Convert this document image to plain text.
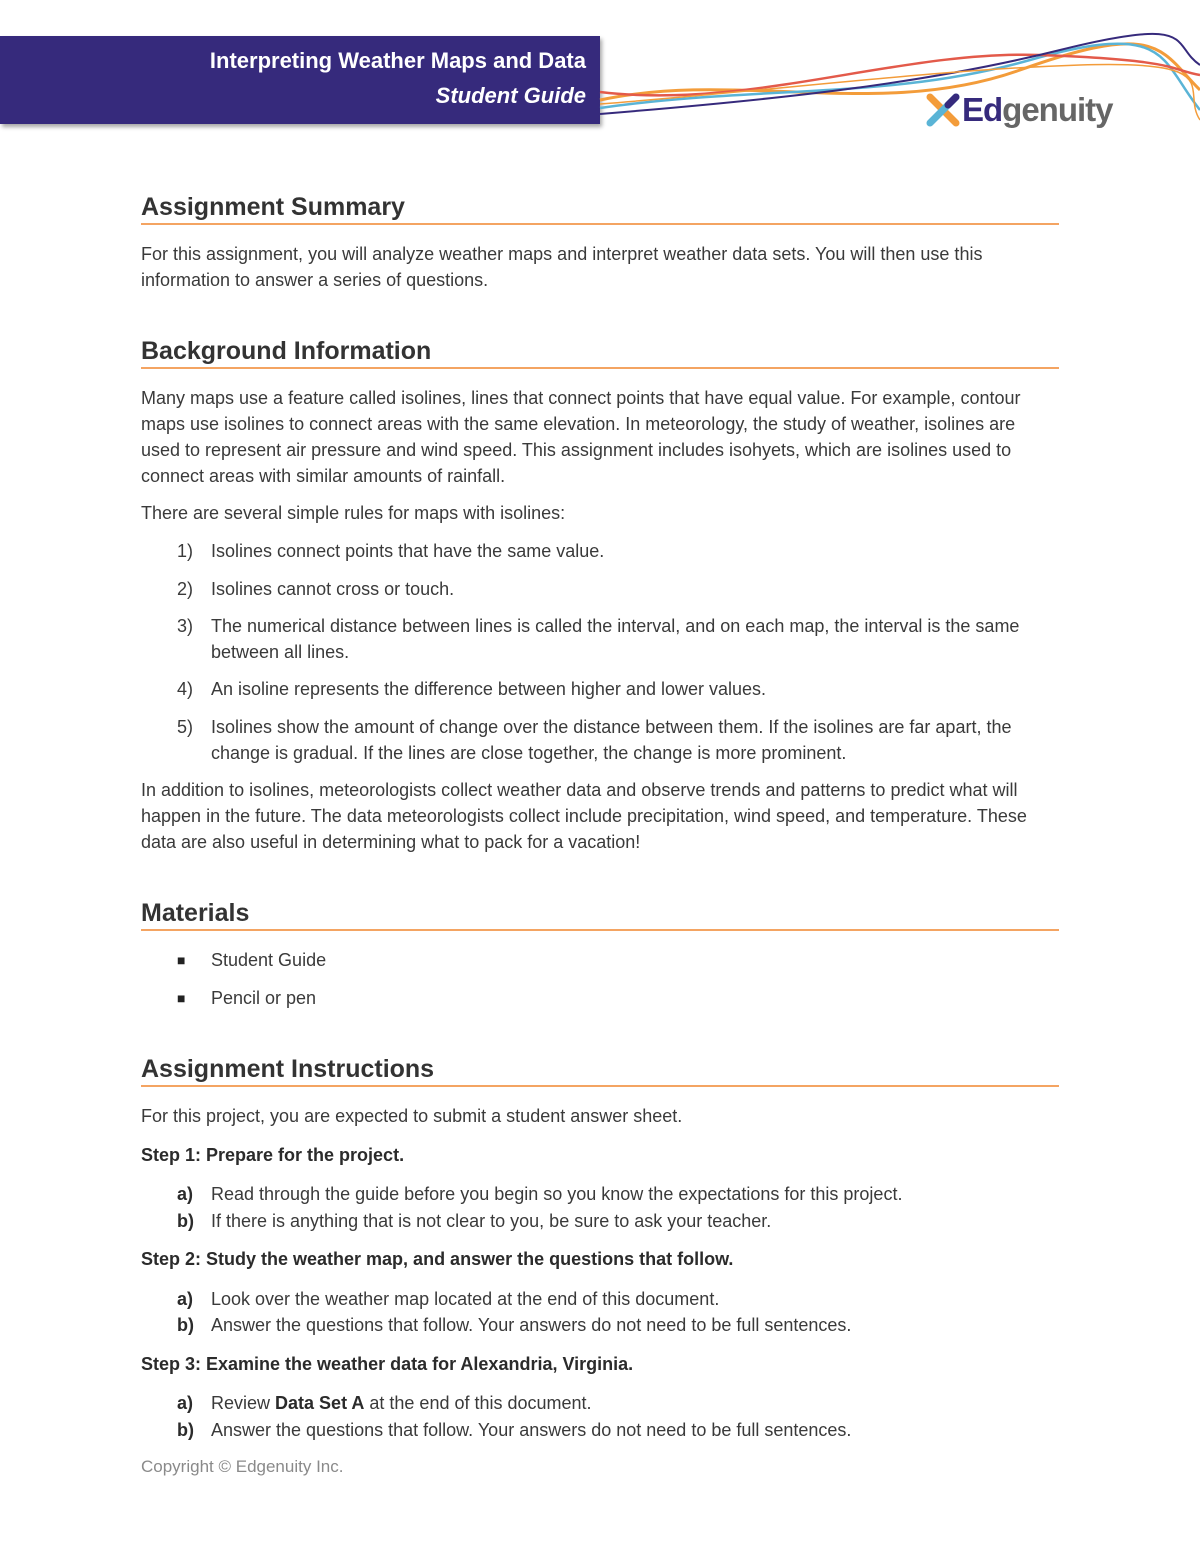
Interpreting Weather Maps and Data
Student Guide	Edgenuity
Assignment Summary

For this assignment, you will analyze weather maps and interpret weather data sets. You will then use this information to answer a series of questions.

Background Information

Many maps use a feature called isolines, lines that connect points that have equal value. For example, contour maps use isolines to connect areas with the same elevation. In meteorology, the study of weather, isolines are used to represent air pressure and wind speed. This assignment includes isohyets, which are isolines used to connect areas with similar amounts of rainfall.

There are several simple rules for maps with isolines:

1) Isolines connect points that have the same value.
2) Isolines cannot cross or touch.
3) The numerical distance between lines is called the interval, and on each map, the interval is the same between all lines.
4) An isoline represents the difference between higher and lower values.
5) Isolines show the amount of change over the distance between them. If the isolines are far apart, the change is gradual. If the lines are close together, the change is more prominent.

In addition to isolines, meteorologists collect weather data and observe trends and patterns to predict what will happen in the future. The data meteorologists collect include precipitation, wind speed, and temperature. These data are also useful in determining what to pack for a vacation!

Materials
■ Student Guide
■ Pencil or pen
Assignment Instructions

For this project, you are expected to submit a student answer sheet.

Step 1: Prepare for the project.
a) Read through the guide before you begin so you know the expectations for this project.
b) If there is anything that is not clear to you, be sure to ask your teacher.
Step 2: Study the weather map, and answer the questions that follow.
a) Look over the weather map located at the end of this document.
b) Answer the questions that follow. Your answers do not need to be full sentences.
Step 3: Examine the weather data for Alexandria, Virginia.
a) Review Data Set A at the end of this document.
b) Answer the questions that follow. Your answers do not need to be full sentences.
Copyright © Edgenuity Inc.
